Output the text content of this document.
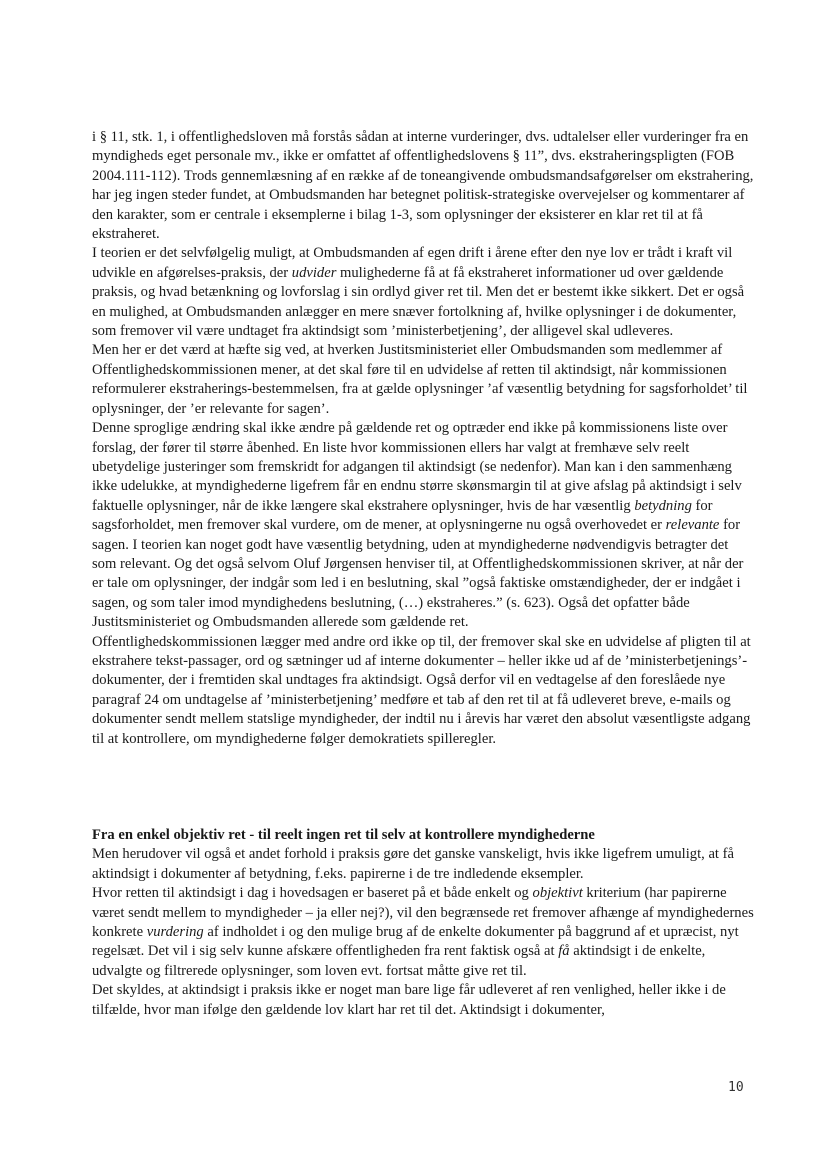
i § 11, stk. 1, i offentlighedsloven må forstås sådan at interne vurderinger, dvs. udtalelser eller vurderinger fra en myndigheds eget personale mv., ikke er omfattet af offentlighedslovens § 11”, dvs. ekstraheringspligten (FOB 2004.111-112). Trods gennemlæsning af en række af de toneangivende ombudsmandsafgørelser om ekstrahering, har jeg ingen steder fundet, at Ombudsmanden har betegnet politisk-strategiske overvejelser og kommentarer af den karakter, som er centrale i eksemplerne i bilag 1-3, som oplysninger der eksisterer en klar ret til at få ekstraheret.

I teorien er det selvfølgelig muligt, at Ombudsmanden af egen drift i årene efter den nye lov er trådt i kraft vil udvikle en afgørelses-praksis, der udvider mulighederne få at få ekstraheret informationer ud over gældende praksis, og hvad betænkning og lovforslag i sin ordlyd giver ret til. Men det er bestemt ikke sikkert. Det er også en mulighed, at Ombudsmanden anlægger en mere snæver fortolkning af, hvilke oplysninger i de dokumenter, som fremover vil være undtaget fra aktindsigt som ’ministerbetjening’, der alligevel skal udleveres.

Men her er det værd at hæfte sig ved, at hverken Justitsministeriet eller Ombudsmanden som medlemmer af Offentlighedskommissionen mener, at det skal føre til en udvidelse af retten til aktindsigt, når kommissionen reformulerer ekstraherings-bestemmelsen, fra at gælde oplysninger ’af væsentlig betydning for sagsforholdet’ til oplysninger, der ’er relevante for sagen’.

Denne sproglige ændring skal ikke ændre på gældende ret og optræder end ikke på kommissionens liste over forslag, der fører til større åbenhed. En liste hvor kommissionen ellers har valgt at fremhæve selv reelt ubetydelige justeringer som fremskridt for adgangen til aktindsigt (se nedenfor). Man kan i den sammenhæng ikke udelukke, at myndighederne ligefrem får en endnu større skønsmargin til at give afslag på aktindsigt i selv faktuelle oplysninger, når de ikke længere skal ekstrahere oplysninger, hvis de har væsentlig betydning for sagsforholdet, men fremover skal vurdere, om de mener, at oplysningerne nu også overhovedet er relevante for sagen. I teorien kan noget godt have væsentlig betydning, uden at myndighederne nødvendigvis betragter det som relevant. Og det også selvom Oluf Jørgensen henviser til, at Offentlighedskommissionen skriver, at når der er tale om oplysninger, der indgår som led i en beslutning, skal ”også faktiske omstændigheder, der er indgået i sagen, og som taler imod myndighedens beslutning, (…) ekstraheres.” (s. 623). Også det opfatter både Justitsministeriet og Ombudsmanden allerede som gældende ret.

Offentlighedskommissionen lægger med andre ord ikke op til, der fremover skal ske en udvidelse af pligten til at ekstrahere tekst-passager, ord og sætninger ud af interne dokumenter – heller ikke ud af de ’ministerbetjenings’-dokumenter, der i fremtiden skal undtages fra aktindsigt. Også derfor vil en vedtagelse af den foreslåede nye paragraf 24 om undtagelse af ’ministerbetjening’ medføre et tab af den ret til at få udleveret breve, e-mails og dokumenter sendt mellem statslige myndigheder, der indtil nu i årevis har været den absolut væsentligste adgang til at kontrollere, om myndighederne følger demokratiets spilleregler.

Fra en enkel objektiv ret - til reelt ingen ret til selv at kontrollere myndighederne

Men herudover vil også et andet forhold i praksis gøre det ganske vanskeligt, hvis ikke ligefrem umuligt, at få aktindsigt i dokumenter af betydning, f.eks. papirerne i de tre indledende eksempler.

Hvor retten til aktindsigt i dag i hovedsagen er baseret på et både enkelt og objektivt kriterium (har papirerne været sendt mellem to myndigheder – ja eller nej?), vil den begrænsede ret fremover afhænge af myndighedernes konkrete vurdering af indholdet i og den mulige brug af de enkelte dokumenter på baggrund af et upræcist, nyt regelsæt. Det vil i sig selv kunne afskære offentligheden fra rent faktisk også at få aktindsigt i de enkelte, udvalgte og filtrerede oplysninger, som loven evt. fortsat måtte give ret til.

Det skyldes, at aktindsigt i praksis ikke er noget man bare lige får udleveret af ren venlighed, heller ikke i de tilfælde, hvor man ifølge den gældende lov klart har ret til det. Aktindsigt i dokumenter,

10
